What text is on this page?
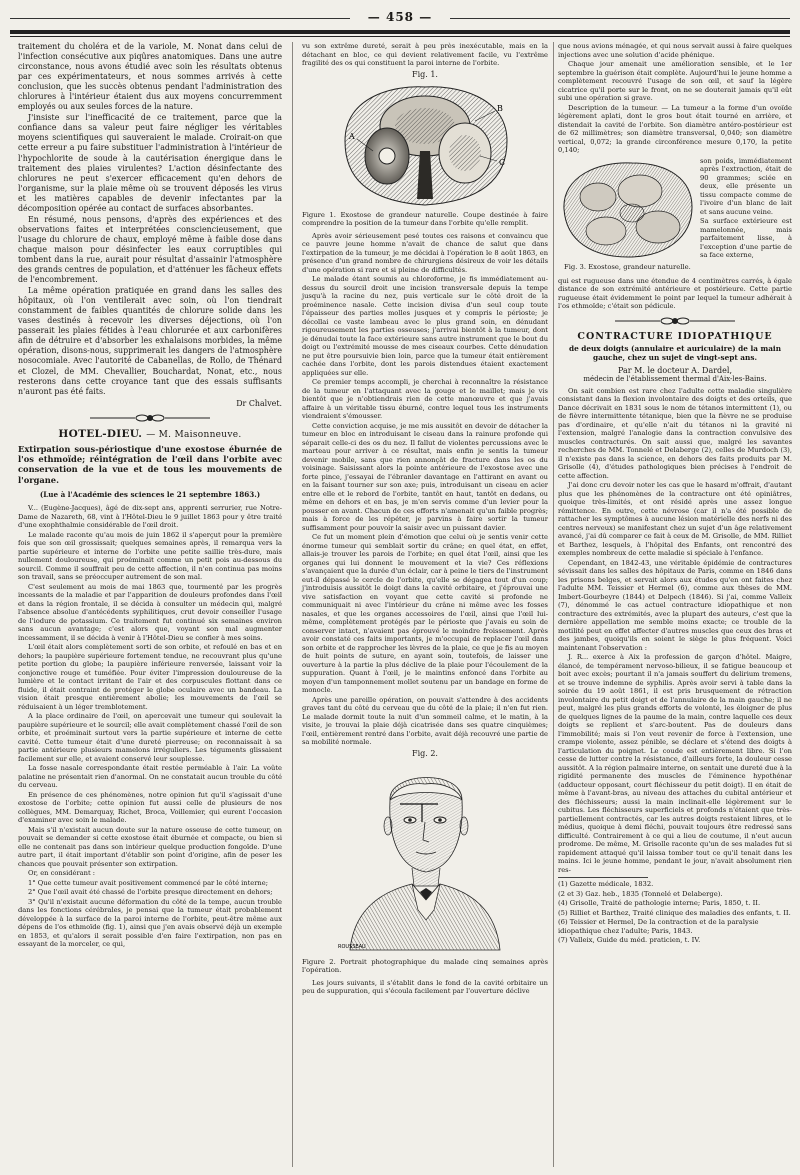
— 458 —

traitement du choléra et de la variole, M. Nonat dans celui de l'infection consécutive aux piqûres anatomiques. Dans une autre circonstance, nous avons étudié avec soin les résultats obtenus par ces expérimentateurs, et nous sommes arrivés à cette conclusion, que les succès obtenus pendant l'administration des chlorures à l'intérieur étaient dus aux moyens concurremment employés ou aux seules forces de la nature.

J'insiste sur l'inefficacité de ce traitement, parce que la confiance dans sa valeur peut faire négliger les véritables moyens scientifiques qui sauveraient le malade. Croirait-on que cette erreur a pu faire substituer l'administration à l'intérieur de l'hypochlorite de soude à la cautérisation énergique dans le traitement des plaies virulentes? L'action désinfectante des chlorures ne peut s'exercer efficacement qu'en dehors de l'organisme, sur la plaie même où se trouvent déposés les virus et les matières capables de devenir infectantes par la décomposition opérée au contact de surfaces absorbantes.

En résumé, nous pensons, d'après des expériences et des observations faites et interprétées consciencieusement, que l'usage du chlorure de chaux, employé même à faible dose dans chaque maison pour désinfecter les eaux corruptibles qui tombent dans la rue, aurait pour résultat d'assainir l'atmosphère des grands centres de population, et d'atténuer les fâcheux effets de l'encombrement.

La même opération pratiquée en grand dans les salles des hôpitaux, où l'on ventilerait avec soin, où l'on tiendrait constamment de faibles quantités de chlorure solide dans les vases destinés à recevoir les diverses déjections, où l'on passerait les plaies fétides à l'eau chlorurée et aux carbonifères afin de détruire et d'absorber les exhalaisons morbides, la même opération, disons-nous, supprimerait les dangers de l'atmosphère nosocomiale. Avec l'autorité de Cabanellas, de Rollo, de Thénard et Clozel, de MM. Chevallier, Bouchardat, Nonat, etc., nous resterons dans cette croyance tant que des essais suffisants n'auront pas été faits.

Dr Chalvet.
HOTEL-DIEU. — M. Maisonneuve.
Extirpation sous-périostique d'une exostose éburnée de l'os ethmoïde; réintégration de l'œil dans l'orbite avec conservation de la vue et de tous les mouvements de l'organe.
(Lue à l'Académie des sciences le 21 septembre 1863.)

V... (Eugène-Jacques), âgé de dix-sept ans, apprenti serrurier, rue Notre-Dame de Nazareth, 68, vint à l'Hôtel-Dieu le 9 juillet 1863 pour y être traité d'une exophthalmie considérable de l'œil droit.

Le malade raconte qu'au mois de juin 1862 il s'aperçut pour la première fois que son œil grossissait; quelques semaines après, il remarqua vers la partie supérieure et interne de l'orbite une petite saillie très-dure, mais nullement douloureuse, qui proéminait comme un petit pois au-dessous du sourcil. Comme il souffrait peu de cette affection, il n'en continua pas moins son travail, sans se préoccuper autrement de son mal.

C'est seulement au mois de mai 1863 que, tourmenté par les progrès incessants de la maladie et par l'apparition de douleurs profondes dans l'œil et dans la région frontale, il se décida à consulter un médecin qui, malgré l'absence absolue d'antécédents syphilitiques, crut devoir conseiller l'usage de l'iodure de potassium. Ce traitement fut continué six semaines environ sans aucun avantage; c'est alors que, voyant son mal augmenter incessamment, il se décida à venir à l'Hôtel-Dieu se confier à mes soins.

L'œil était alors complètement sorti de son orbite, et refoulé en bas et en dehors; la paupière supérieure fortement tendue, ne recouvrant plus qu'une petite portion du globe; la paupière inférieure renversée, laissant voir la conjonctive rouge et tuméfiée. Pour éviter l'impression douloureuse de la lumière et le contact irritant de l'air et des corpuscules flottant dans ce fluide, il était contraint de protéger le globe oculaire avec un bandeau. La vision était presque entièrement abolie; les mouvements de l'œil se réduisaient à un léger tremblotement.

A la place ordinaire de l'œil, on apercevait une tumeur qui soulevait la paupière supérieure et le sourcil; elle avait complètement chassé l'œil de son orbite, et proéminait surtout vers la partie supérieure et interne de cette cavité. Cette tumeur était d'une dureté pierreuse; on reconnaissait à sa partie antérieure plusieurs mamelons irréguliers. Les téguments glissaient facilement sur elle, et avaient conservé leur souplesse.

La fosse nasale correspondante était restée perméable à l'air. La voûte palatine ne présentait rien d'anormal. On ne constatait aucun trouble du côté du cerveau.

En présence de ces phénomènes, notre opinion fut qu'il s'agissait d'une exostose de l'orbite; cette opinion fut aussi celle de plusieurs de nos collègues, MM. Demarquay, Richet, Broca, Voillemier, qui eurent l'occasion d'examiner avec soin le malade.

Mais s'il n'existait aucun doute sur la nature osseuse de cette tumeur, on pouvait se demander si cette exostose était éburnée et compacte, ou bien si elle ne contenait pas dans son intérieur quelque production fongoïde. D'une autre part, il était important d'établir son point d'origine, afin de peser les chances que pouvait présenter son extirpation.

Or, en considérant :

1° Que cette tumeur avait positivement commencé par le côté interne;

2° Que l'œil avait été chassé de l'orbite presque directement en dehors;

3° Qu'il n'existait aucune déformation du côté de la tempe, aucun trouble dans les fonctions cérébrales, je pensai que la tumeur était probablement développée à la surface de la paroi interne de l'orbite, peut-être même aux dépens de l'os ethmoïde (fig. 1), ainsi que j'en avais observé déjà un exemple en 1853, et qu'alors il serait possible d'en faire l'extirpation, non pas en essayant de la morceler, ce qui,

vu son extrême dureté, serait à peu près inexécutable, mais en la détachant en bloc, ce qui devient relativement facile, vu l'extrême fragilité des os qui constituent la paroi interne de l'orbite.

Fig. 1.
B
C
A
Figure 1. Exostose de grandeur naturelle. Coupe destinée à faire comprendre la position de la tumeur dans l'orbite qu'elle remplit.

Après avoir sérieusement pesé toutes ces raisons et convaincu que ce pauvre jeune homme n'avait de chance de salut que dans l'extirpation de la tumeur, je me décidai à l'opération le 8 août 1863, en présence d'un grand nombre de chirurgiens désireux de voir les détails d'une opération si rare et si pleine de difficultés.

Le malade étant soumis au chloroforme, je fis immédiatement au-dessus du sourcil droit une incision transversale depuis la tempe jusqu'à la racine du nez, puis verticale sur le côté droit de la proéminence nasale. Cette incision divisa d'un seul coup toute l'épaisseur des parties molles jusques et y compris le périoste; je décollai ce vaste lambeau avec le plus grand soin, en dénudant rigoureusement les parties osseuses; j'arrivai bientôt à la tumeur, dont je dénudai toute la face extérieure sans autre instrument que le bout du doigt ou l'extrémité mousse de mes ciseaux courbes. Cette dénudation ne put être poursuivie bien loin, parce que la tumeur était entièrement cachée dans l'orbite, dont les parois distendues étaient exactement appliquées sur elle.

Ce premier temps accompli, je cherchai à reconnaître la résistance de la tumeur en l'attaquant avec la gouge et le maillet; mais je vis bientôt que je n'obtiendrais rien de cette manœuvre et que j'avais affaire à un véritable tissu éburné, contre lequel tous les instruments viendraient s'émousser.

Cette conviction acquise, je me mis aussitôt en devoir de détacher la tumeur en bloc en introduisant le ciseau dans la rainure profonde qui séparait celle-ci des os du nez. Il fallut de violentes percussions avec le marteau pour arriver à ce résultat, mais enfin je sentis la tumeur devenir mobile, sans que rien annonçât de fracture dans les os du voisinage. Saisissant alors la pointe antérieure de l'exostose avec une forte pince, j'essayai de l'ébranler davantage en l'attirant en avant ou en la faisant tourner sur son axe; puis, introduisant un ciseau en acier entre elle et le rebord de l'orbite, tantôt en haut, tantôt en dedans, ou même en dehors et en bas, je m'en servis comme d'un levier pour la pousser en avant. Chacun de ces efforts n'amenait qu'un faible progrès; mais à force de les répéter, je parvins à faire sortir la tumeur suffisamment pour pouvoir la saisir avec un puissant davier.

Ce fut un moment plein d'émotion que celui où je sentis venir cette énorme tumeur qui semblait sortir du crâne; en quel état, en effet, allais-je trouver les parois de l'orbite; en quel état l'œil, ainsi que les organes qui lui donnent le mouvement et la vie? Ces réflexions s'avançaient que la durée d'un éclair, car à peine le tiers de l'instrument eut-il dépassé le cercle de l'orbite, qu'elle se dégagea tout d'un coup; j'introduisis aussitôt le doigt dans la cavité orbitaire, et j'éprouvai une vive satisfaction en voyant que cette cavité si profonde ne communiquait ni avec l'intérieur du crâne ni même avec les fosses nasales, et que les organes accessoires de l'œil, ainsi que l'œil lui-même, complètement protégés par le périoste que j'avais eu soin de conserver intact, n'avaient pas éprouvé le moindre froissement. Après avoir constaté ces faits importants, je m'occupai de replacer l'œil dans son orbite et de rapprocher les lèvres de la plaie, ce que je fis au moyen de huit points de suture, en ayant soin, toutefois, de laisser une ouverture à la partie la plus déclive de la plaie pour l'écoulement de la suppuration. Quant à l'œil, je le maintins enfoncé dans l'orbite au moyen d'un tamponnement mollet soutenu par un bandage en forme de monocle.

Après une pareille opération, on pouvait s'attendre à des accidents graves tant du côté du cerveau que du côté de la plaie; il n'en fut rien. Le malade dormit toute la nuit d'un sommeil calme, et le matin, à la visite, je trouvai la plaie déjà cicatrisée dans ses quatre cinquièmes; l'œil, entièrement rentré dans l'orbite, avait déjà recouvré une partie de sa mobilité normale.

Fig. 2.
ROUSSEAU
Figure 2. Portrait photographique du malade cinq semaines après l'opération.

Les jours suivants, il s'établit dans le fond de la cavité orbitaire un peu de suppuration, qui s'écoula facilement par l'ouverture déclive

que nous avions ménagée, et qui nous servait aussi à faire quelques injections avec une solution d'acide phénique.

Chaque jour amenait une amélioration sensible, et le 1er septembre la guérison était complète. Aujourd'hui le jeune homme a complètement recouvré l'usage de son œil, et sauf la légère cicatrice qu'il porte sur le front, on ne se douterait jamais qu'il eût subi une opération si grave.

Description de la tumeur. — La tumeur a la forme d'un ovoïde légèrement aplati, dont le gros bout était tourné en arrière, et distendait la cavité de l'orbite. Son diamètre antéro-postérieur est de 62 millimètres; son diamètre transversal, 0,040; son diamètre vertical, 0,072; la grande circonférence mesure 0,170, la petite 0,140;

son poids, immédiatement après l'extraction, était de 90 grammes; sciée en deux, elle présente un tissu compacte comme de l'ivoire d'un blanc de lait et sans aucune veine.

Sa surface extérieure est mamelonnée, mais parfaitement lisse, à l'exception d'une partie de sa face externe,

Fig. 3. Exostose, grandeur naturelle.

qui est rugueuse dans une étendue de 4 centimètres carrés, à égale distance de son extrémité antérieure et postérieure. Cette partie rugueuse était évidemment le point par lequel la tumeur adhérait à l'os ethmoïde; c'était son pédicule.

CONTRACTURE IDIOPATHIQUE
de deux doigts (annulaire et auriculaire) de la main gauche, chez un sujet de vingt-sept ans.
Par M. le docteur A. Dardel,
médecin de l'établissement thermal d'Aix-les-Bains.

On sait combien est rare chez l'adulte cette maladie singulière consistant dans la flexion involontaire des doigts et des orteils, que Dance décrivait en 1831 sous le nom de tétanos intermittent (1), ou de fièvre intermittente tétanique, bien que la fièvre ne se produise pas d'ordinaire, et qu'elle n'ait du tétanos ni la gravité ni l'extension, malgré l'analogie dans la contraction convulsive des muscles contracturés. On sait aussi que, malgré les savantes recherches de MM. Tonnelé et Delaberge (2), celles de Murdoch (3), il n'existe pas dans la science, en dehors des faits produits par M. Grisolle (4), d'études pathologiques bien précises à l'endroit de cette affection.

J'ai donc cru devoir noter les cas que le hasard m'offrait, d'autant plus que les phénomènes de la contracture ont été opiniâtres, quoique très-limités, et ont résidé après une assez longue rémittence. En outre, cette névrose (car il n'a été possible de rattacher les symptômes à aucune lésion matérielle des nerfs ni des centres nerveux) se manifestant chez un sujet d'un âge relativement avancé, j'ai dû comparer ce fait à ceux de M. Grisolle, de MM. Rilliet et Barthez, lesquels, à l'hôpital des Enfants, ont rencontré des exemples nombreux de cette maladie si spéciale à l'enfance.

Cependant, en 1842-43, une véritable épidémie de contractures sévissait dans les salles des hôpitaux de Paris, comme en 1846 dans les prisons belges, et servait alors aux études qu'en ont faites chez l'adulte MM. Teissier et Hermel (6), comme aux thèses de MM. Imbert-Gourbeyre (1844) et Delpech (1846). Si j'ai, comme Valleix (7), dénommé le cas actuel contracture idiopathique et non contracture des extrémités, avec la plupart des auteurs, c'est que la dernière appellation me semble moins exacte; ce trouble de la motilité peut en effet affecter d'autres muscles que ceux des bras et des jambes, quoiqu'ils en soient le siège le plus fréquent. Voici maintenant l'observation :

J. R... exerce à Aix la profession de garçon d'hôtel. Maigre, élancé, de tempérament nervoso-bilieux, il se fatigue beaucoup et boit avec excès; pourtant il n'a jamais souffert du delirium tremens, et se trouve indemne de syphilis. Après avoir servi à table dans la soirée du 19 août 1861, il est pris brusquement de rétraction involontaire du petit doigt et de l'annulaire de la main gauche; il ne peut, malgré les plus grands efforts de volonté, les éloigner de plus de quelques lignes de la paume de la main, contre laquelle ces deux doigts se replient et s'arc-boutent. Pas de douleurs dans l'immobilité; mais si l'on veut revenir de force à l'extension, une crampe violente, assez pénible, se déclare et s'étend des doigts à l'articulation du poignet. Le coude est entièrement libre. Si l'on cesse de lutter contre la résistance, d'ailleurs forte, la douleur cesse aussitôt. A la région palmaire interne, on sentait une dureté due à la rigidité permanente des muscles de l'éminence hypothénar (adducteur opposant, court fléchisseur du petit doigt). Il en était de même à l'avant-bras, au niveau des attaches du cubital antérieur et des fléchisseurs; aussi la main inclinait-elle légèrement sur le cubitus. Les fléchisseurs superficiels et profonds n'étaient que très-partiellement contractés, car les autres doigts restaient libres, et le médius, quoique à demi fléchi, pouvait toujours être redressé sans difficulté. Contrairement à ce qui a lieu de coutume, il n'eut aucun prodrome. De même, M. Grisolle raconte qu'un de ses malades fut si rapidement attaqué qu'il laissa tomber tout ce qu'il tenait dans les mains. Ici le jeune homme, pendant le jour, n'avait absolument rien res-

(1) Gazette médicale, 1832.

(2 et 3) Gaz. heb., 1835 (Tonnelé et Delaberge).

(4) Grisolle, Traité de pathologie interne; Paris, 1850, t. II.

(5) Rilliet et Barthez, Traité clinique des maladies des enfants, t. II.

(6) Teissier et Hermel, De la contraction et de la paralysie idiopathique chez l'adulte; Paris, 1843.

(7) Valleix, Guide du méd. praticien, t. IV.
